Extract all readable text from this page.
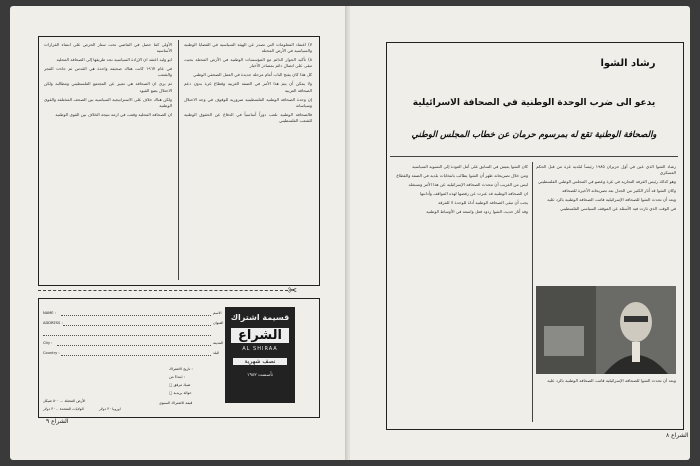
٧) اعتماد المعلومات التي تصدر عن الهيئة السياسية في القضايا الوطنية والسياسية في الأرض المحتلة

٨) تأكيد الحوار الدائم مع المؤسسات الوطنية في الأرض المحتلة بحيث تبقى على اتصال دائم بمصادر الأخبار

كل هذا كان يفتح الباب أمام مرحلة جديدة في العمل الصحفي الوطني

ولا يمكن أن يتم هذا الأمر في الضفة الغربية وقطاع غزة بدون دعم الصحافة العربية

إن وحدة الصحافة الوطنية الفلسطينية ضرورية للوقوف في وجه الاحتلال وسياساته

فالصحافة الوطنية تلعب دوراً أساسياً في الدفاع عن الحقوق الوطنية للشعب الفلسطيني

الأولى كما حصل في الماضي تحت ستار الحرص على انتماء القرارات الأساسية

ابو وليد اعتقد ان الإرادة السياسية تجد طريقها إلى الصحافة المحلية

في عام ١٩٦٧ كانت هناك صحيفة واحدة هي القدس ثم جاءت الفجر والشعب

ثم يرى ان الصحافة هي تعبير عن المجتمع الفلسطيني ومطالبه ولكن الاحتلال يضع القيود

ولكن هناك خلاف على الاستراتيجية السياسية بين الصحف المختلفة والقوى الوطنية

ان الصحافة المحلية وقعت في ازمة نتيجة الخلاف بين القوى الوطنية

✂
NAME :	الاسم
ADDRESS :	العنوان
City :	المدينة
Country :	البلد
تاريخ الاشتراك :
ابتداءً من :
□ شيك مرفق
□ حوالة بريدية
قيمة الاشتراك السنوي
الأرض المحتلة ... ٥٠٠ شيكل
الولايات المتحدة .. ٣٠ دولار	اوروبا ٣٠ دولار
قسيمة اشتراك
الشراع
AL SHIRAA
نصف شهرية
تأسست ١٩٨٢
الشراع ٩
رشاد الشوا
يدعو الى ضرب الوحدة الوطنية في الصحافة الاسرائيلية
والصحافة الوطنية تقع له بمرسوم حرمان عن خطاب المجلس الوطني

رشاد الشوا الذي عين في أول حزيران ١٩٨٥ رئيساً لبلدية غزة من قبل الحكم العسكري

وهو كذلك رئيس الغرفة التجارية في غزة وعضو في المجلس الوطني الفلسطيني

وكان الشوا قد أثار الكثير من الجدل بعد تصريحاته الأخيرة للصحافة

وبعد أن تحدث الشوا للصحافة الإسرائيلية قامت الصحافة الوطنية بالرد عليه

في الوقت الذي ثارت فيه الأسئلة عن الموقف السياسي الفلسطيني

كان الشوا يعيش في السابق على أمل العودة إلى التسوية السياسية

ومن خلال تصريحاته ظهر أن الشوا يطالب بانتخابات بلدية في الضفة والقطاع

ليس من الغريب أن تتحدث الصحافة الإسرائيلية عن هذا الأمر وتستغله

ان الصحافة الوطنية قد عبرت عن رفضها لهذه المواقف وأدانتها

يجب أن تبقى الصحافة الوطنية أداة للوحدة لا للفرقة

وقد أثار حديث الشوا ردود فعل واسعة في الأوساط الوطنية

وبعد أن تحدث الشوا للصحافة الإسرائيلية قامت الصحافة الوطنية بالرد عليه

الشراع ٨
